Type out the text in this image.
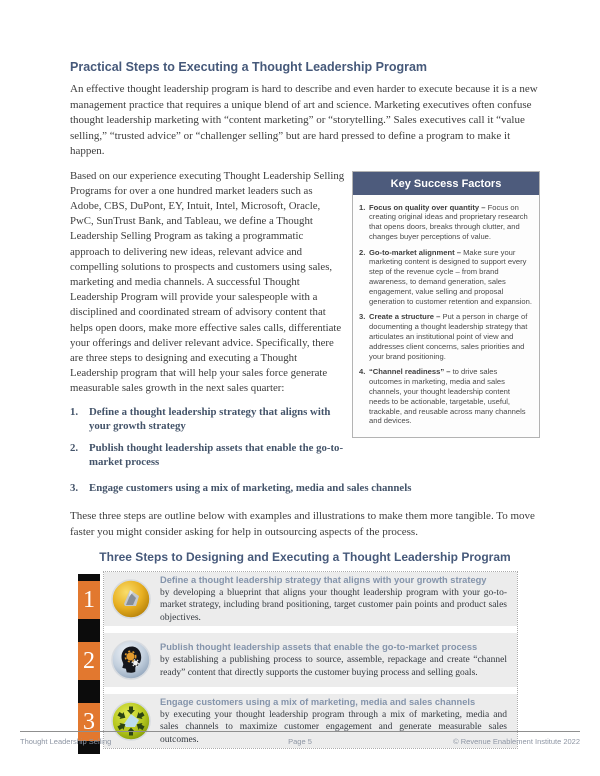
Practical Steps to Executing a Thought Leadership Program
An effective thought leadership program is hard to describe and even harder to execute because it is a new management practice that requires a unique blend of art and science. Marketing executives often confuse thought leadership marketing with “content marketing” or “storytelling.” Sales executives call it “value selling,” “trusted advice” or “challenger selling” but are hard pressed to define a program to make it happen.
Key Success Factors
1. Focus on quality over quantity – Focus on creating original ideas and proprietary research that opens doors, breaks through clutter, and changes buyer perceptions of value.
2. Go-to-market alignment – Make sure your marketing content is designed to support every step of the revenue cycle – from brand awareness, to demand generation, sales engagement, value selling and proposal generation to customer retention and expansion.
3. Create a structure – Put a person in charge of documenting a thought leadership strategy that articulates an institutional point of view and addresses client concerns, sales priorities and your brand positioning.
4. “Channel readiness” – to drive sales outcomes in marketing, media and sales channels, your thought leadership content needs to be actionable, targetable, useful, trackable, and reusable across many channels and devices.
Based on our experience executing Thought Leadership Selling Programs for over a one hundred market leaders such as Adobe, CBS, DuPont, EY, Intuit, Intel, Microsoft, Oracle, PwC, SunTrust Bank, and Tableau, we define a Thought Leadership Selling Program as taking a programmatic approach to delivering new ideas, relevant advice and compelling solutions to prospects and customers using sales, marketing and media channels. A successful Thought Leadership Program will provide your salespeople with a disciplined and coordinated stream of advisory content that helps open doors, make more effective sales calls, differentiate your offerings and deliver relevant advice. Specifically, there are three steps to designing and executing a Thought Leadership program that will help your sales force generate measurable sales growth in the next sales quarter:
1.	Define a thought leadership strategy that aligns with your growth strategy
2.	Publish thought leadership assets that enable the go-to-market process
3.	Engage customers using a mix of marketing, media and sales channels
These three steps are outline below with examples and illustrations to make them more tangible. To move faster you might consider asking for help in outsourcing aspects of the process.
Three Steps to Designing and Executing a Thought Leadership Program
1
2
3
Define a thought leadership strategy that aligns with your growth strategy
by developing a blueprint that aligns your thought leadership program with your go-to-market strategy, including brand positioning, target customer pain points and product sales objectives.
Publish thought leadership assets that enable the go-to-market process
by establishing a publishing process to source, assemble, repackage and create “channel ready” content that directly supports the customer buying process and selling goals.
Engage customers using a mix of marketing, media and sales channels
by executing your thought leadership program through a mix of marketing, media and sales channels to maximize customer engagement and generate measurable sales outcomes.
Thought Leadership Selling	Page 5	© Revenue Enablement Institute 2022
